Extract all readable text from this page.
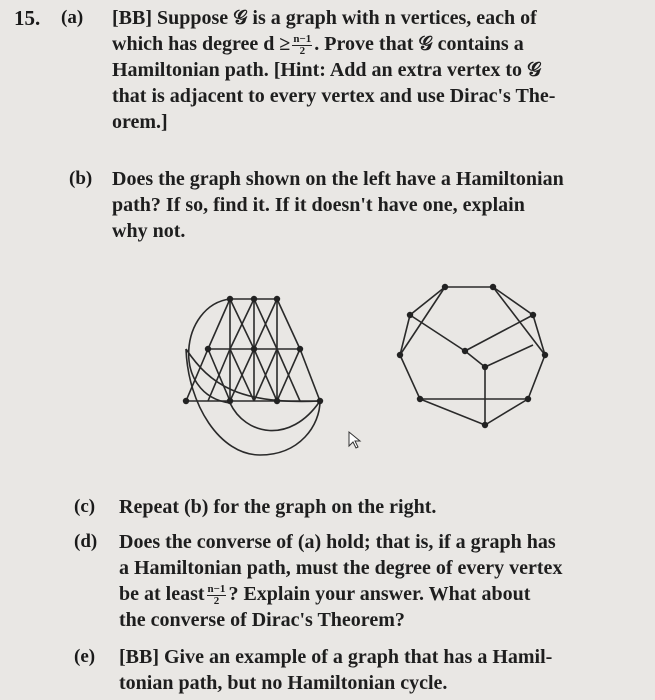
15. (a) [BB] Suppose 𝒢 is a graph with n vertices, each of
which has degree $d \ge \frac{n-1}{2}$ . Prove that 𝒢 contains a
Hamiltonian path. [Hint: Add an extra vertex to 𝒢
that is adjacent to every vertex and use Dirac's The-
orem.]
(b) Does the graph shown on the left have a Hamiltonian
path? If so, find it. If it doesn't have one, explain
why not.
(c) Repeat (b) for the graph on the right.
(d) Does the converse of (a) hold; that is, if a graph has
a Hamiltonian path, must the degree of every vertex
be at least $\frac{n-1}{2}$ ? Explain your answer. What about
the converse of Dirac's Theorem?
(e) [BB] Give an example of a graph that has a Hamil-
tonian path, but no Hamiltonian cycle.
